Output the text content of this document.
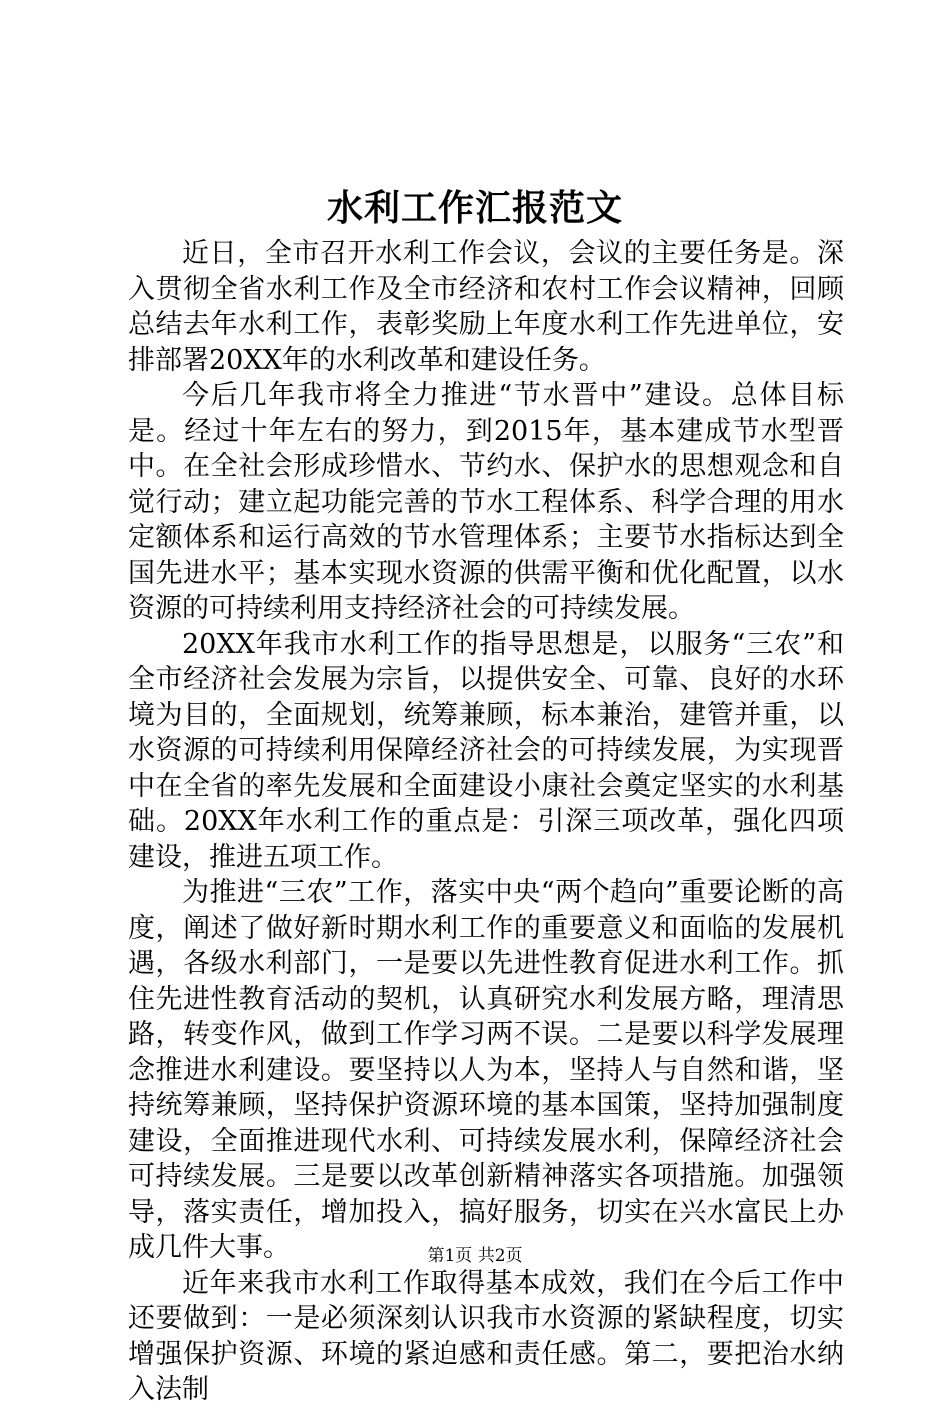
水利工作汇报范文

近日，全市召开水利工作会议，会议的主要任务是。深入贯彻全省水利工作及全市经济和农村工作会议精神，回顾总结去年水利工作，表彰奖励上年度水利工作先进单位，安排部署20XX年的水利改革和建设任务。

今后几年我市将全力推进“节水晋中”建设。总体目标是。经过十年左右的努力，到2015年，基本建成节水型晋中。在全社会形成珍惜水、节约水、保护水的思想观念和自觉行动；建立起功能完善的节水工程体系、科学合理的用水定额体系和运行高效的节水管理体系；主要节水指标达到全国先进水平；基本实现水资源的供需平衡和优化配置，以水资源的可持续利用支持经济社会的可持续发展。

20XX年我市水利工作的指导思想是，以服务“三农”和全市经济社会发展为宗旨，以提供安全、可靠、良好的水环境为目的，全面规划，统筹兼顾，标本兼治，建管并重，以水资源的可持续利用保障经济社会的可持续发展，为实现晋中在全省的率先发展和全面建设小康社会奠定坚实的水利基础。20XX年水利工作的重点是：引深三项改革，强化四项建设，推进五项工作。

为推进“三农”工作，落实中央“两个趋向”重要论断的高度，阐述了做好新时期水利工作的重要意义和面临的发展机遇，各级水利部门，一是要以先进性教育促进水利工作。抓住先进性教育活动的契机，认真研究水利发展方略，理清思路，转变作风，做到工作学习两不误。二是要以科学发展理念推进水利建设。要坚持以人为本，坚持人与自然和谐，坚持统筹兼顾，坚持保护资源环境的基本国策，坚持加强制度建设，全面推进现代水利、可持续发展水利，保障经济社会可持续发展。三是要以改革创新精神落实各项措施。加强领导，落实责任，增加投入，搞好服务，切实在兴水富民上办成几件大事。

近年来我市水利工作取得基本成效，我们在今后工作中还要做到：一是必须深刻认识我市水资源的紧缺程度，切实增强保护资源、环境的紧迫感和责任感。第二，要把治水纳入法制

第1页 共2页
